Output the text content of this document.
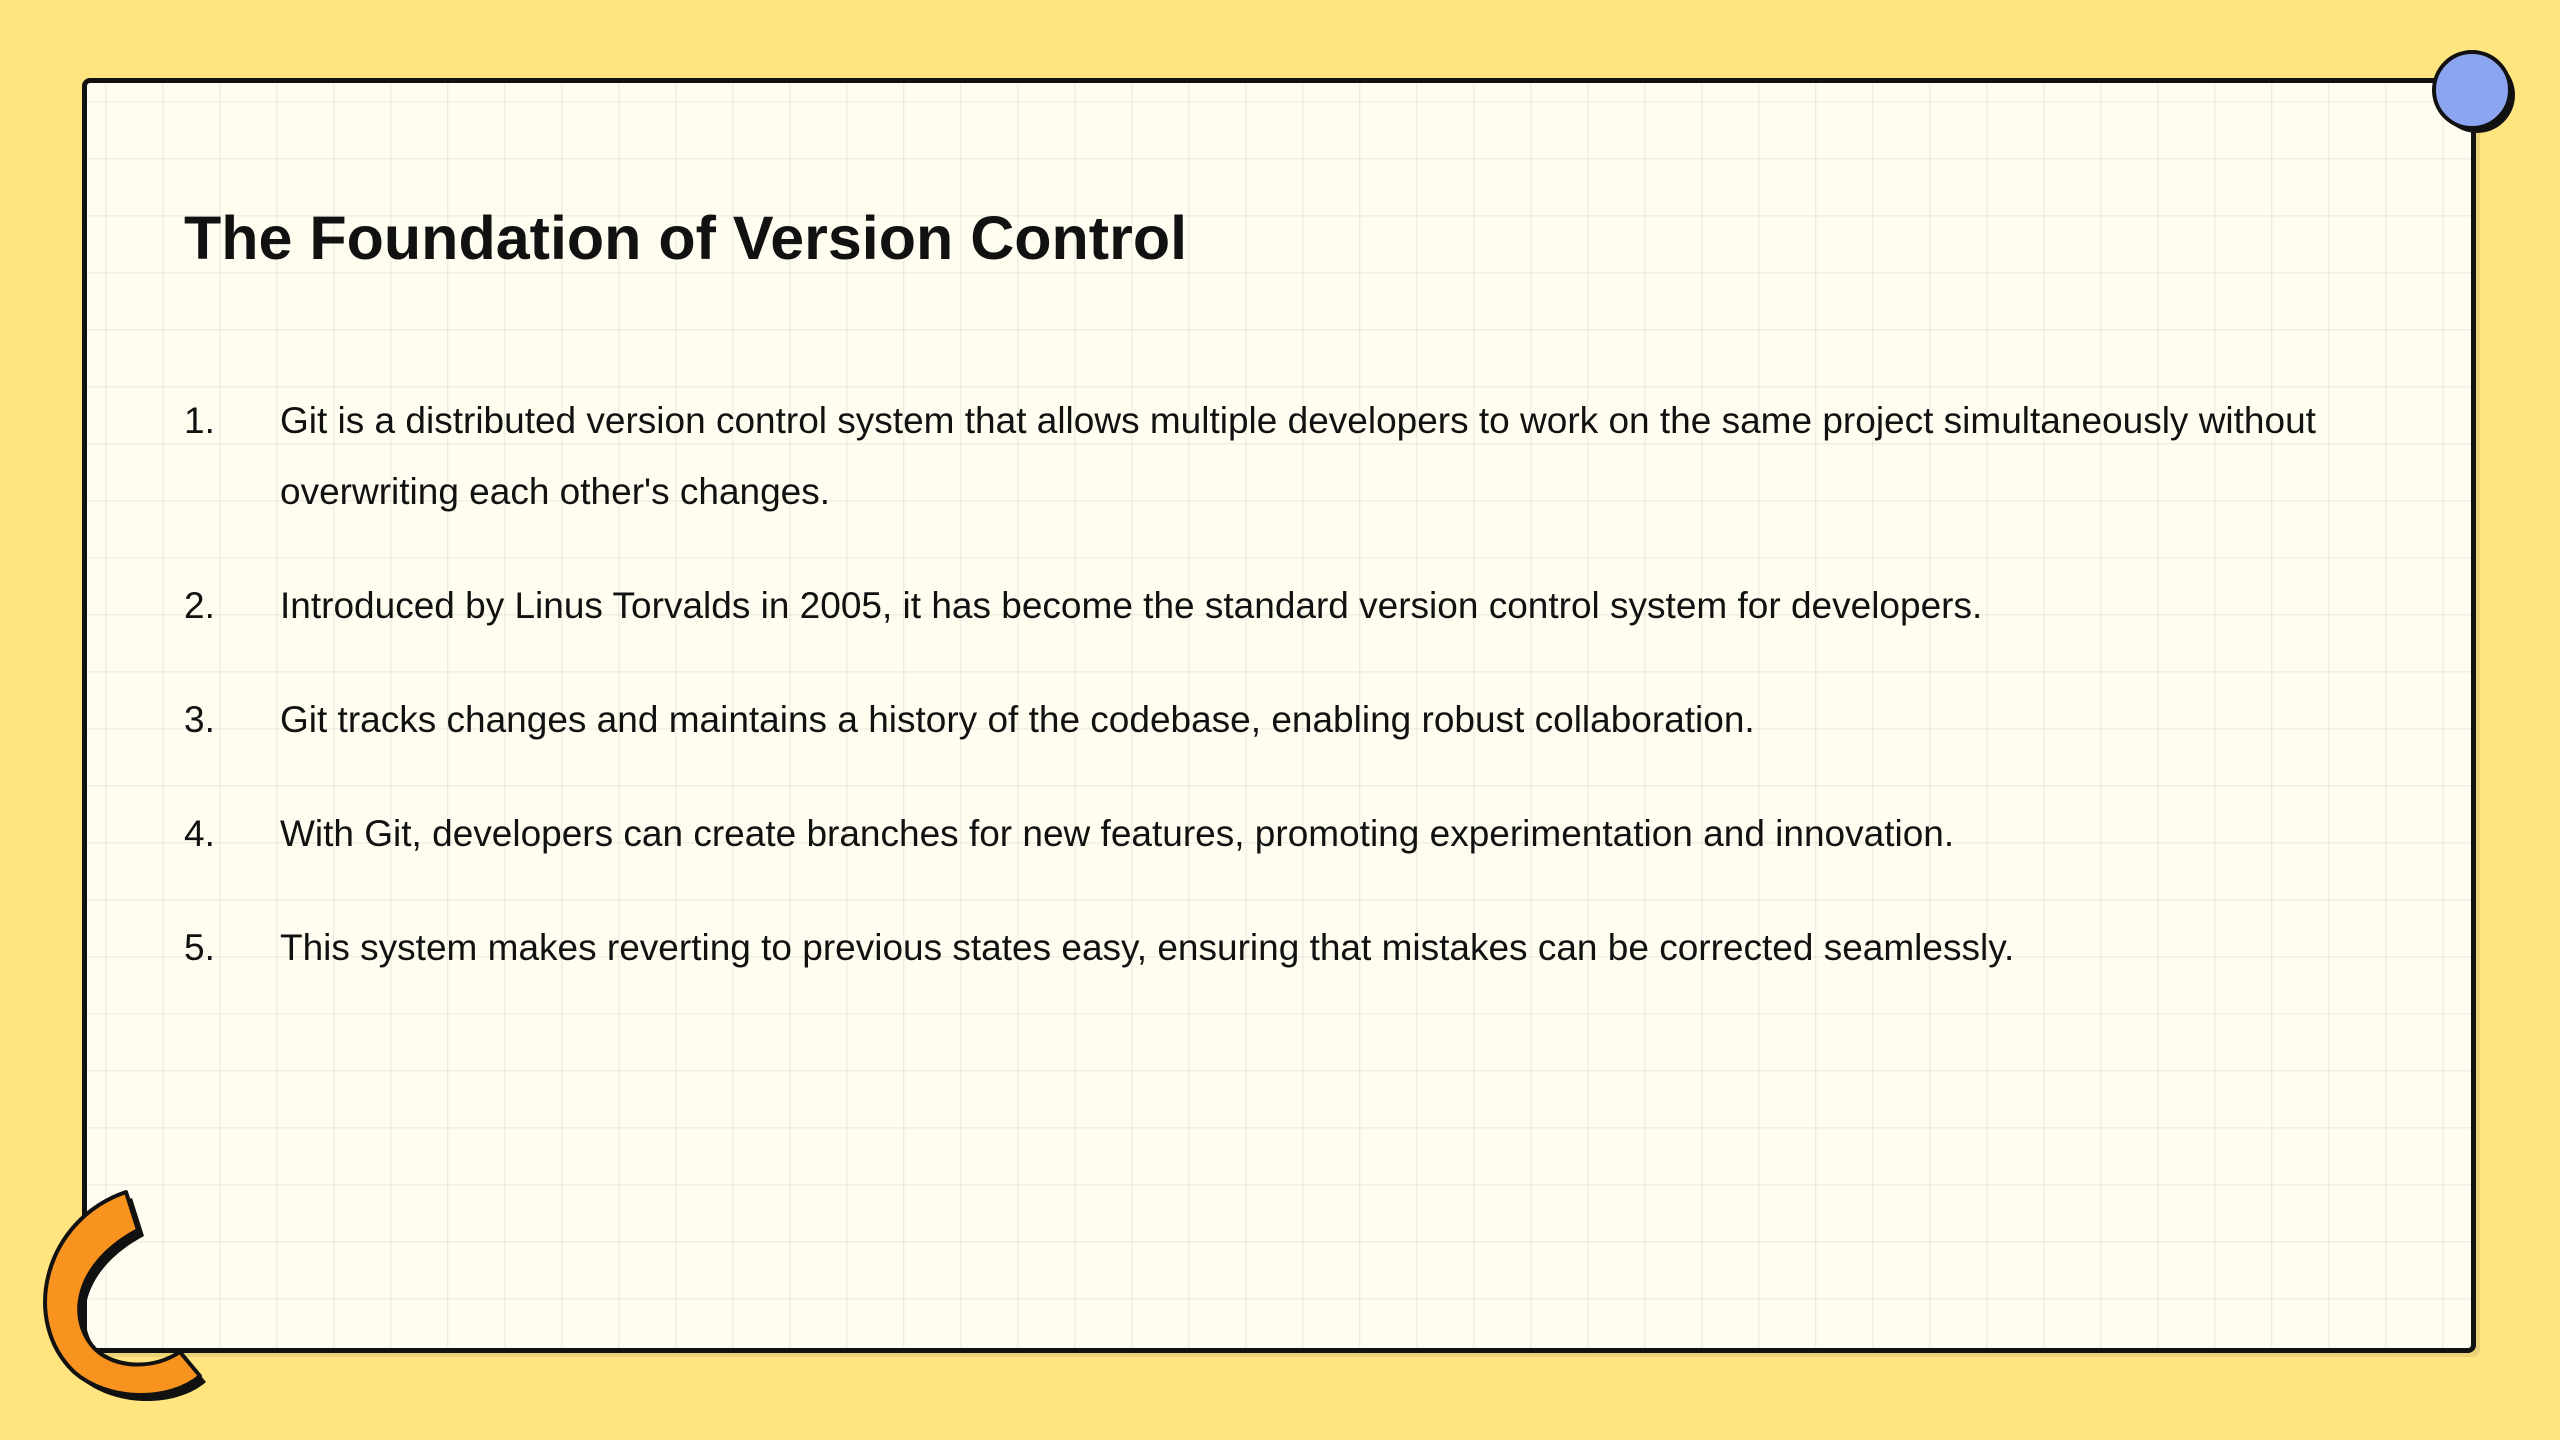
The Foundation of Version Control
1.	Git is a distributed version control system that allows multiple developers to work on the same project simultaneously without overwriting each other's changes.
2.	Introduced by Linus Torvalds in 2005, it has become the standard version control system for developers.
3.	Git tracks changes and maintains a history of the codebase, enabling robust collaboration.
4.	With Git, developers can create branches for new features, promoting experimentation and innovation.
5.	This system makes reverting to previous states easy, ensuring that mistakes can be corrected seamlessly.
